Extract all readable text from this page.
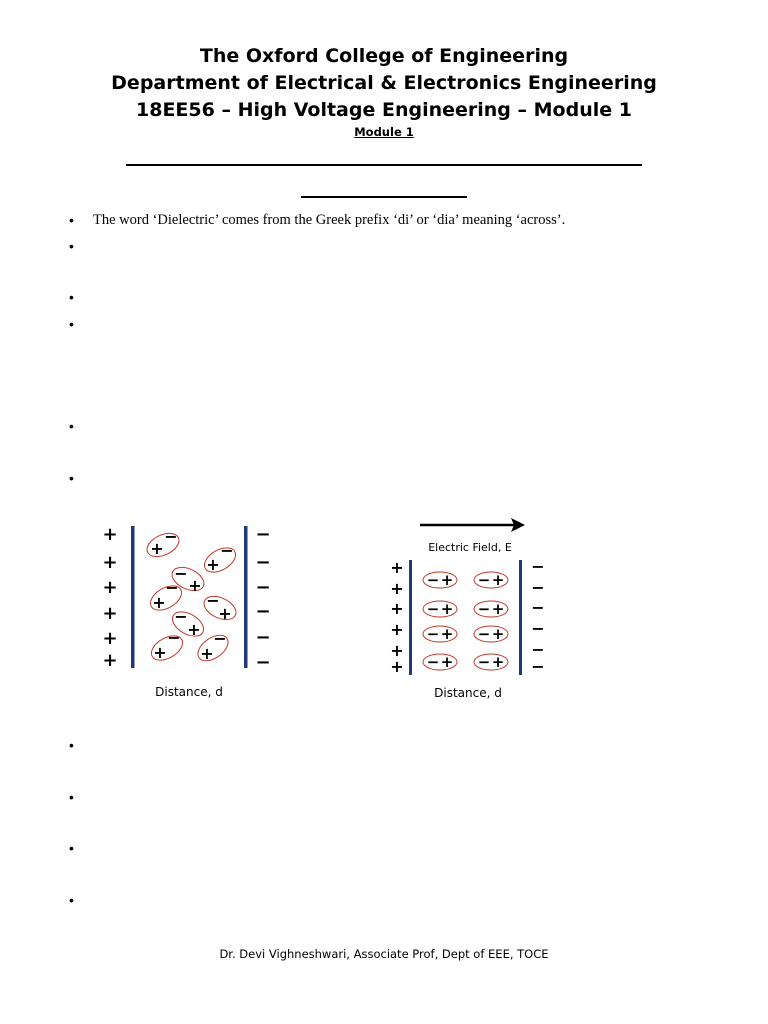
The Oxford College of Engineering
Department of Electrical & Electronics Engineering
18EE56 – High Voltage Engineering – Module 1
Module 1
• The word ‘Dielectric’ comes from the Greek prefix ‘di’ or ‘dia’ meaning ‘across’.
•
•
•
•
•
+
+
+
+
+
+
−
−
−
−
−
−
+
−
+
−
−
+
+
−
−
+
−
+
+
−
+
−
Distance, d
Electric Field, E
+
+
+
+
+
+
−
−
−
−
−
−
− + − +
− + − +
− + − +
− + − +
Distance, d
•
•
•
•
Dr. Devi Vighneshwari, Associate Prof, Dept of EEE, TOCE
